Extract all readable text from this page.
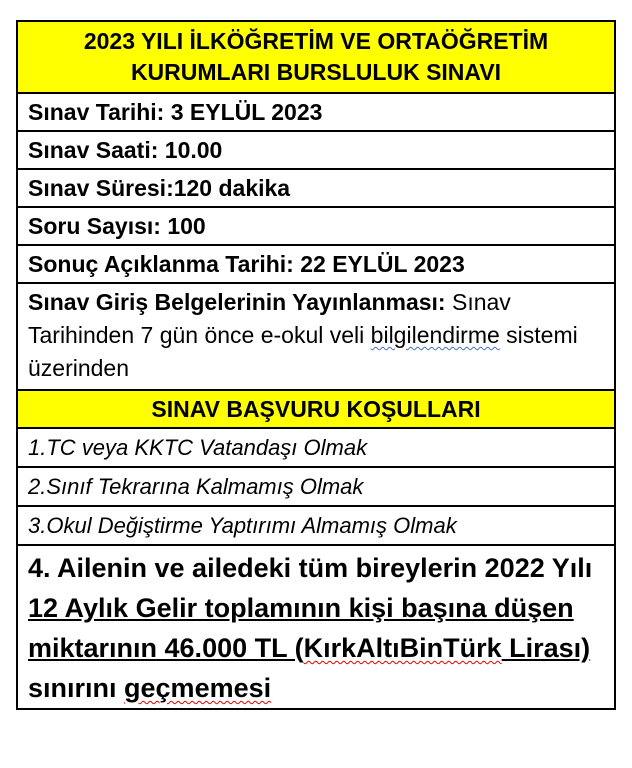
2023 YILI İLKÖĞRETİM VE ORTAÖĞRETİM
KURUMLARI BURSLULUK SINAVI
Sınav Tarihi: 3 EYLÜL 2023
Sınav Saati: 10.00
Sınav Süresi:120 dakika
Soru Sayısı: 100
Sonuç Açıklanma Tarihi: 22 EYLÜL 2023
Sınav Giriş Belgelerinin Yayınlanması: Sınav Tarihinden 7 gün önce e-okul veli bilgilendirme sistemi üzerinden
SINAV BAŞVURU KOŞULLARI
1.TC veya KKTC Vatandaşı Olmak
2.Sınıf Tekrarına Kalmamış Olmak
3.Okul Değiştirme Yaptırımı Almamış Olmak
4. Ailenin ve ailedeki tüm bireylerin 2022 Yılı 12 Aylık Gelir toplamının kişi başına düşen miktarının 46.000 TL (KırkAltıBinTürk Lirası) sınırını geçmemesi
